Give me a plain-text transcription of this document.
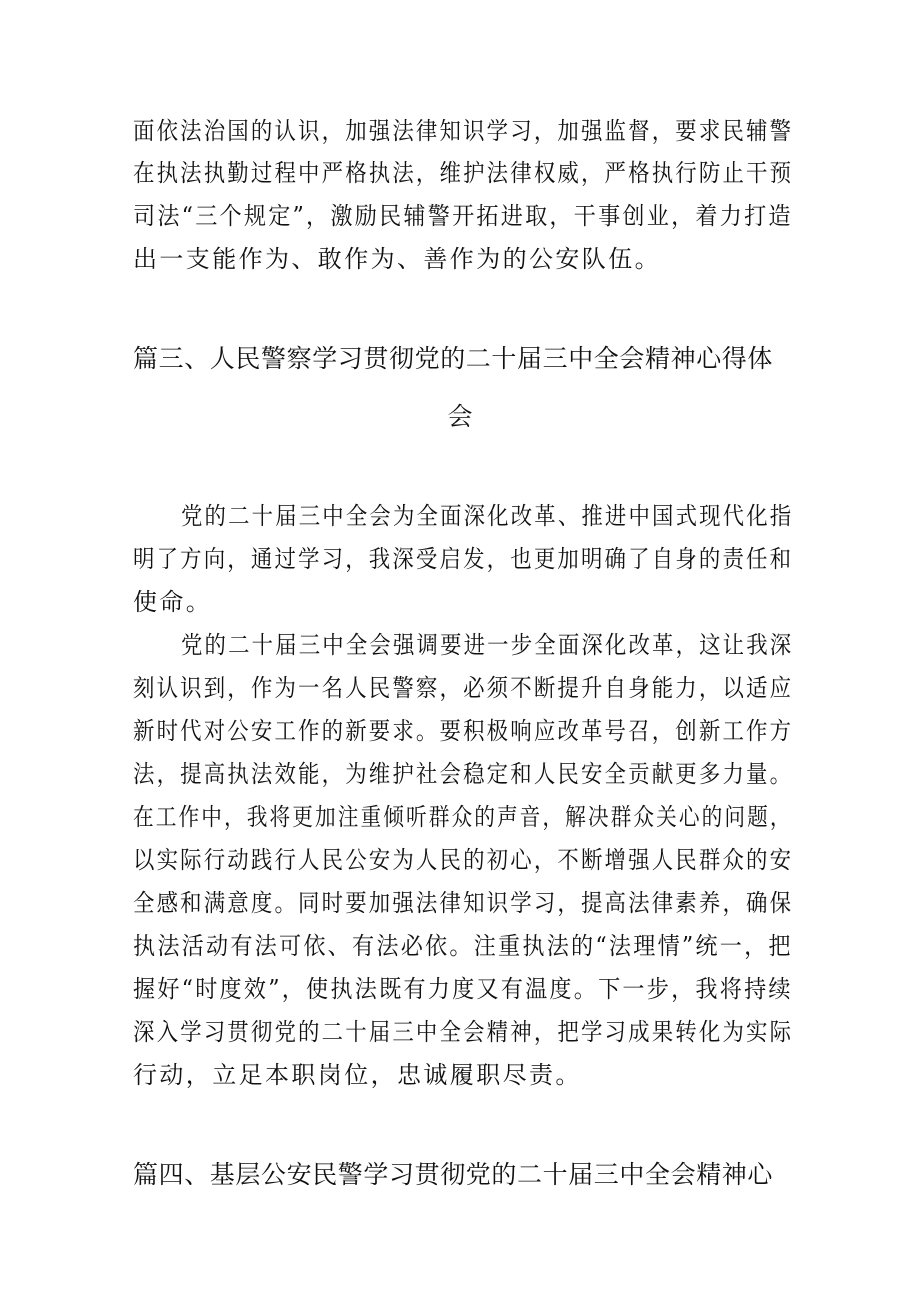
面依法治国的认识，加强法律知识学习，加强监督，要求民辅警

在执法执勤过程中严格执法，维护法律权威，严格执行防止干预

司法“三个规定”，激励民辅警开拓进取，干事创业，着力打造

出一支能作为、敢作为、善作为的公安队伍。

篇三、人民警察学习贯彻党的二十届三中全会精神心得体
会

党的二十届三中全会为全面深化改革、推进中国式现代化指

明了方向，通过学习，我深受启发，也更加明确了自身的责任和

使命。

党的二十届三中全会强调要进一步全面深化改革，这让我深

刻认识到，作为一名人民警察，必须不断提升自身能力，以适应

新时代对公安工作的新要求。要积极响应改革号召，创新工作方

法，提高执法效能，为维护社会稳定和人民安全贡献更多力量。

在工作中，我将更加注重倾听群众的声音，解决群众关心的问题，

以实际行动践行人民公安为人民的初心，不断增强人民群众的安

全感和满意度。同时要加强法律知识学习，提高法律素养，确保

执法活动有法可依、有法必依。注重执法的“法理情”统一，把

握好“时度效”，使执法既有力度又有温度。下一步，我将持续

深入学习贯彻党的二十届三中全会精神，把学习成果转化为实际

行动，立足本职岗位，忠诚履职尽责。

篇四、基层公安民警学习贯彻党的二十届三中全会精神心
